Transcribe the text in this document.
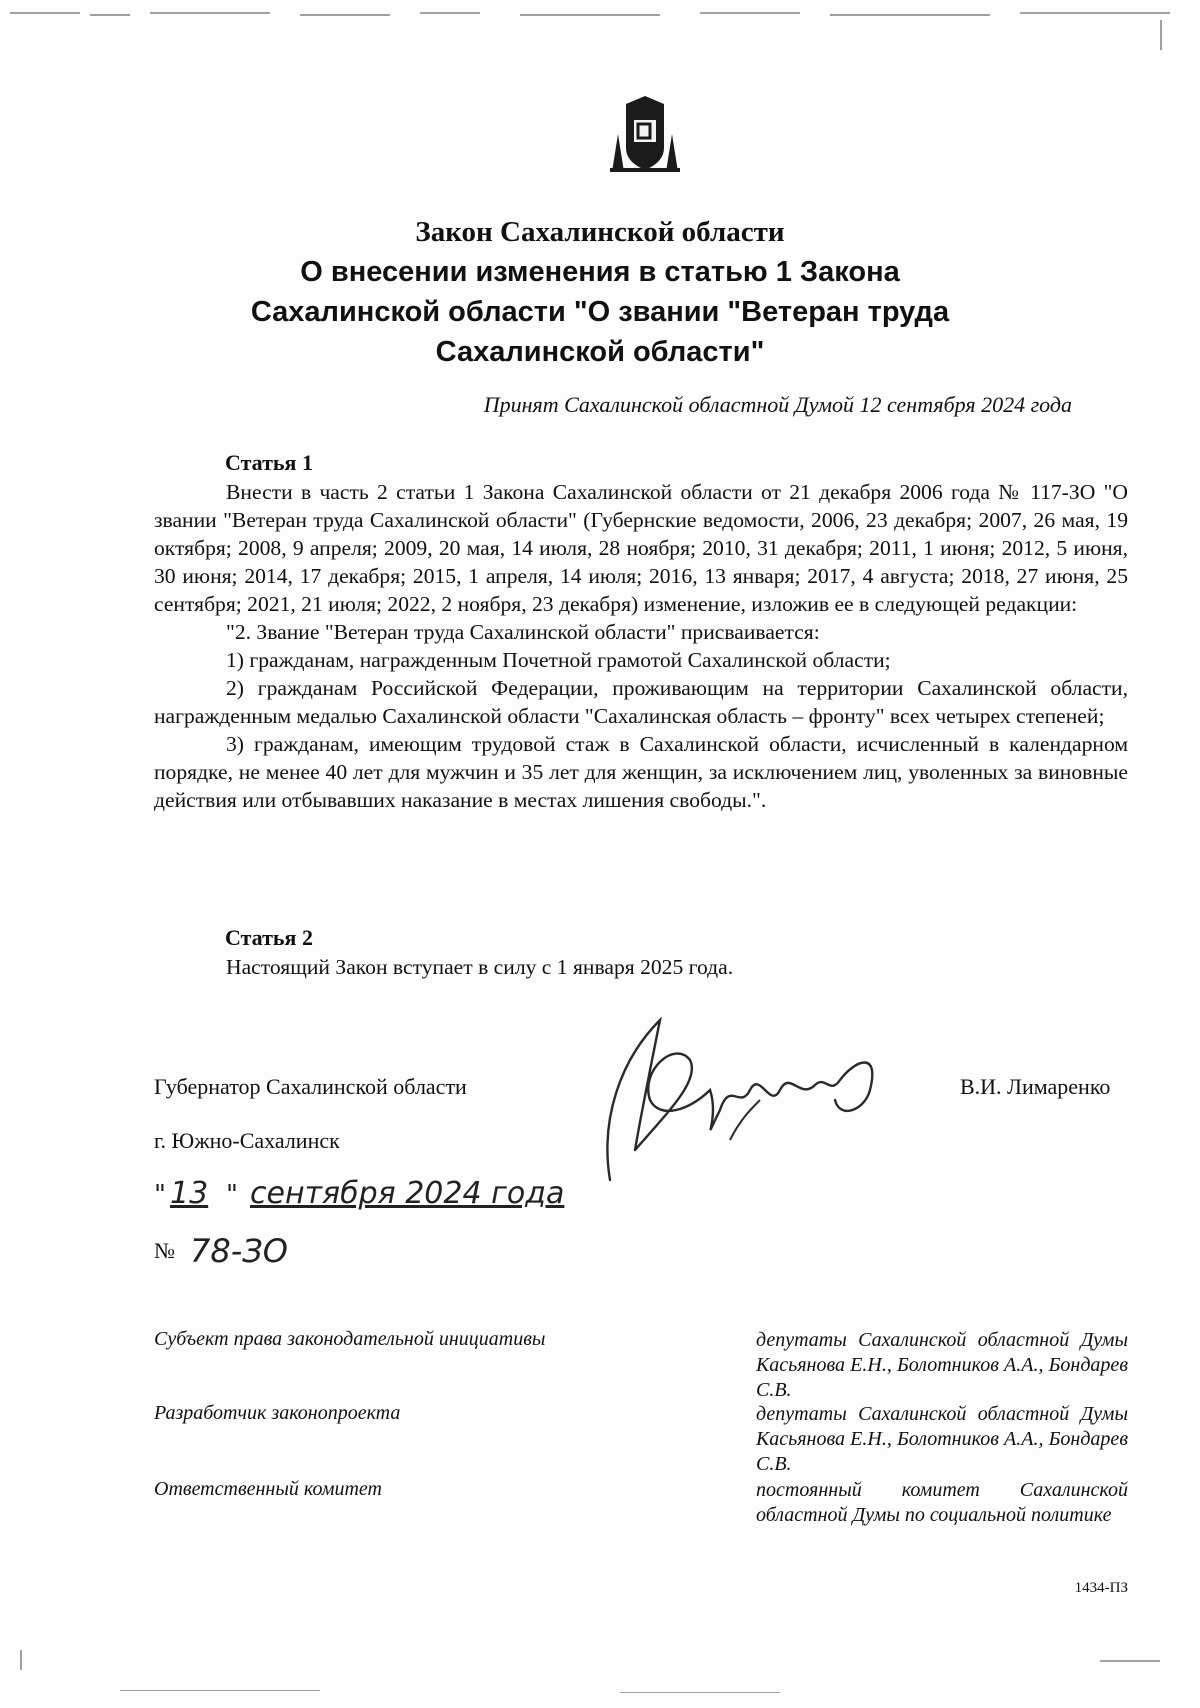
Закон Сахалинской области
О внесении изменения в статью 1 Закона
Сахалинской области "О звании "Ветеран труда
Сахалинской области"
Принят Сахалинской областной Думой 12 сентября 2024 года
Статья 1

Внести в часть 2 статьи 1 Закона Сахалинской области от 21 декабря 2006 года № 117-ЗО "О звании "Ветеран труда Сахалинской области" (Губернские ведомости, 2006, 23 декабря; 2007, 26 мая, 19 октября; 2008, 9 апреля; 2009, 20 мая, 14 июля, 28 ноября; 2010, 31 декабря; 2011, 1 июня; 2012, 5 июня, 30 июня; 2014, 17 декабря; 2015, 1 апреля, 14 июля; 2016, 13 января; 2017, 4 августа; 2018, 27 июня, 25 сентября; 2021, 21 июля; 2022, 2 ноября, 23 декабря) изменение, изложив ее в следующей редакции:

"2. Звание "Ветеран труда Сахалинской области" присваивается:

1) гражданам, награжденным Почетной грамотой Сахалинской области;

2) гражданам Российской Федерации, проживающим на территории Сахалинской области, награжденным медалью Сахалинской области "Сахалинская область – фронту" всех четырех степеней;

3) гражданам, имеющим трудовой стаж в Сахалинской области, исчисленный в календарном порядке, не менее 40 лет для мужчин и 35 лет для женщин, за исключением лиц, уволенных за виновные действия или отбывавших наказание в местах лишения свободы.".

Статья 2
Настоящий Закон вступает в силу с 1 января 2025 года.
Губернатор Сахалинской области	В.И. Лимаренко
г. Южно-Сахалинск
" 13 " сентября 2024 года
№ 78-ЗО
Субъект права законодательной инициативы	депутаты Сахалинской областной Думы Касьянова Е.Н., Болотников А.А., Бондарев С.В.
Разработчик законопроекта	депутаты Сахалинской областной Думы Касьянова Е.Н., Болотников А.А., Бондарев С.В.
Ответственный комитет	постоянный комитет Сахалинской областной Думы по социальной политике
1434-ПЗ
